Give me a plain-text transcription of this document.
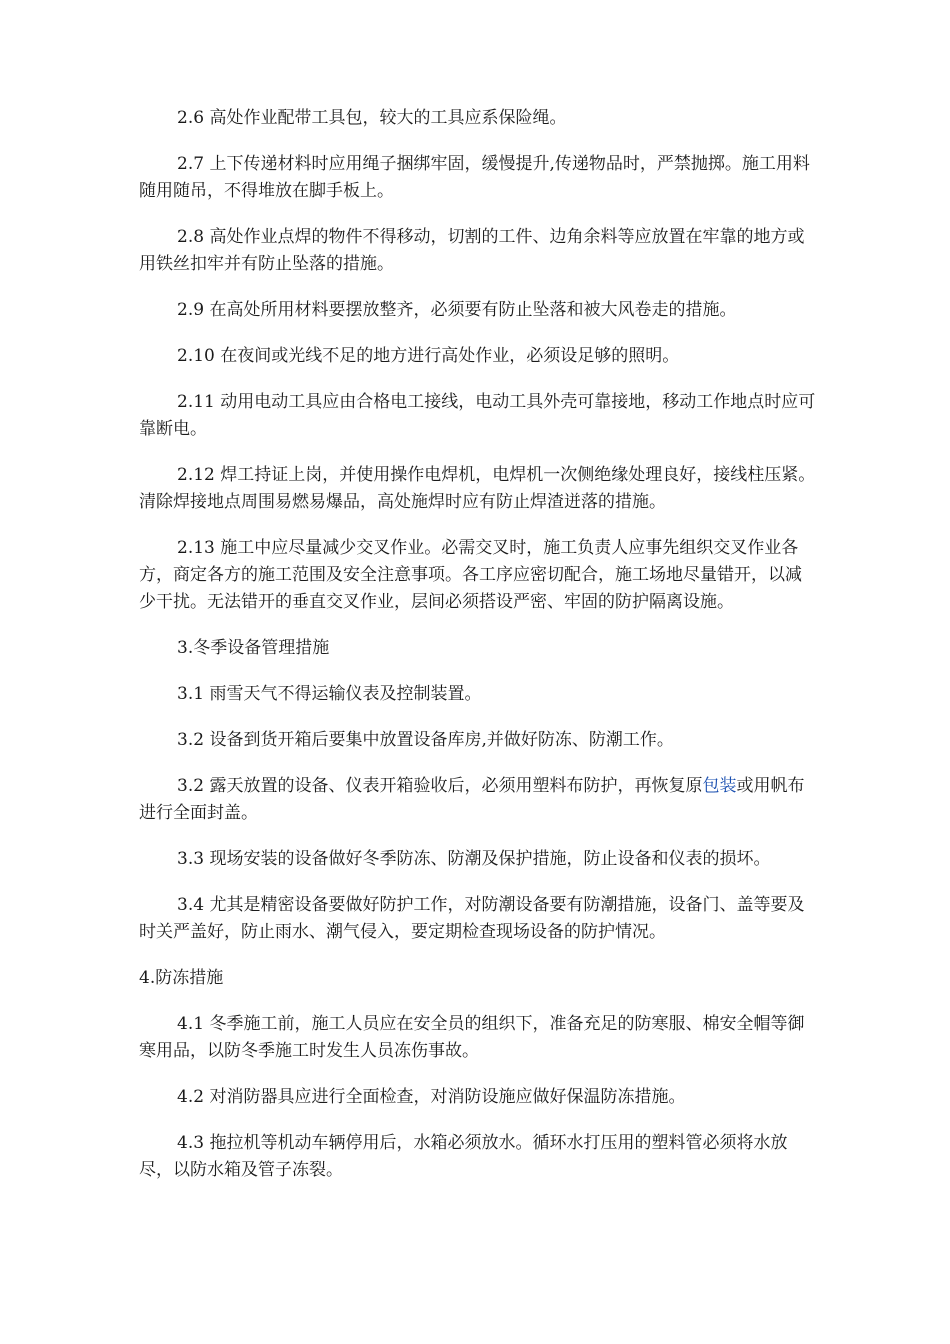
2.6 高处作业配带工具包，较大的工具应系保险绳。

2.7 上下传递材料时应用绳子捆绑牢固，缓慢提升,传递物品时，严禁抛掷。施工用料随用随吊，不得堆放在脚手板上。

2.8 高处作业点焊的物件不得移动，切割的工件、边角余料等应放置在牢靠的地方或用铁丝扣牢并有防止坠落的措施。

2.9 在高处所用材料要摆放整齐，必须要有防止坠落和被大风卷走的措施。

2.10 在夜间或光线不足的地方进行高处作业，必须设足够的照明。

2.11 动用电动工具应由合格电工接线，电动工具外壳可靠接地，移动工作地点时应可靠断电。

2.12 焊工持证上岗，并使用操作电焊机，电焊机一次侧绝缘处理良好，接线柱压紧。清除焊接地点周围易燃易爆品，高处施焊时应有防止焊渣迸落的措施。

2.13 施工中应尽量减少交叉作业。必需交叉时，施工负责人应事先组织交叉作业各方，商定各方的施工范围及安全注意事项。各工序应密切配合，施工场地尽量错开，以减少干扰。无法错开的垂直交叉作业，层间必须搭设严密、牢固的防护隔离设施。

3.冬季设备管理措施

3.1 雨雪天气不得运输仪表及控制装置。

3.2 设备到货开箱后要集中放置设备库房,并做好防冻、防潮工作。

3.2 露天放置的设备、仪表开箱验收后，必须用塑料布防护，再恢复原包装或用帆布进行全面封盖。

3.3 现场安装的设备做好冬季防冻、防潮及保护措施，防止设备和仪表的损坏。

3.4 尤其是精密设备要做好防护工作，对防潮设备要有防潮措施，设备门、盖等要及时关严盖好，防止雨水、潮气侵入，要定期检查现场设备的防护情况。

4.防冻措施

4.1 冬季施工前，施工人员应在安全员的组织下，准备充足的防寒服、棉安全帽等御寒用品，以防冬季施工时发生人员冻伤事故。

4.2 对消防器具应进行全面检查，对消防设施应做好保温防冻措施。

4.3 拖拉机等机动车辆停用后，水箱必须放水。循环水打压用的塑料管必须将水放尽，以防水箱及管子冻裂。
